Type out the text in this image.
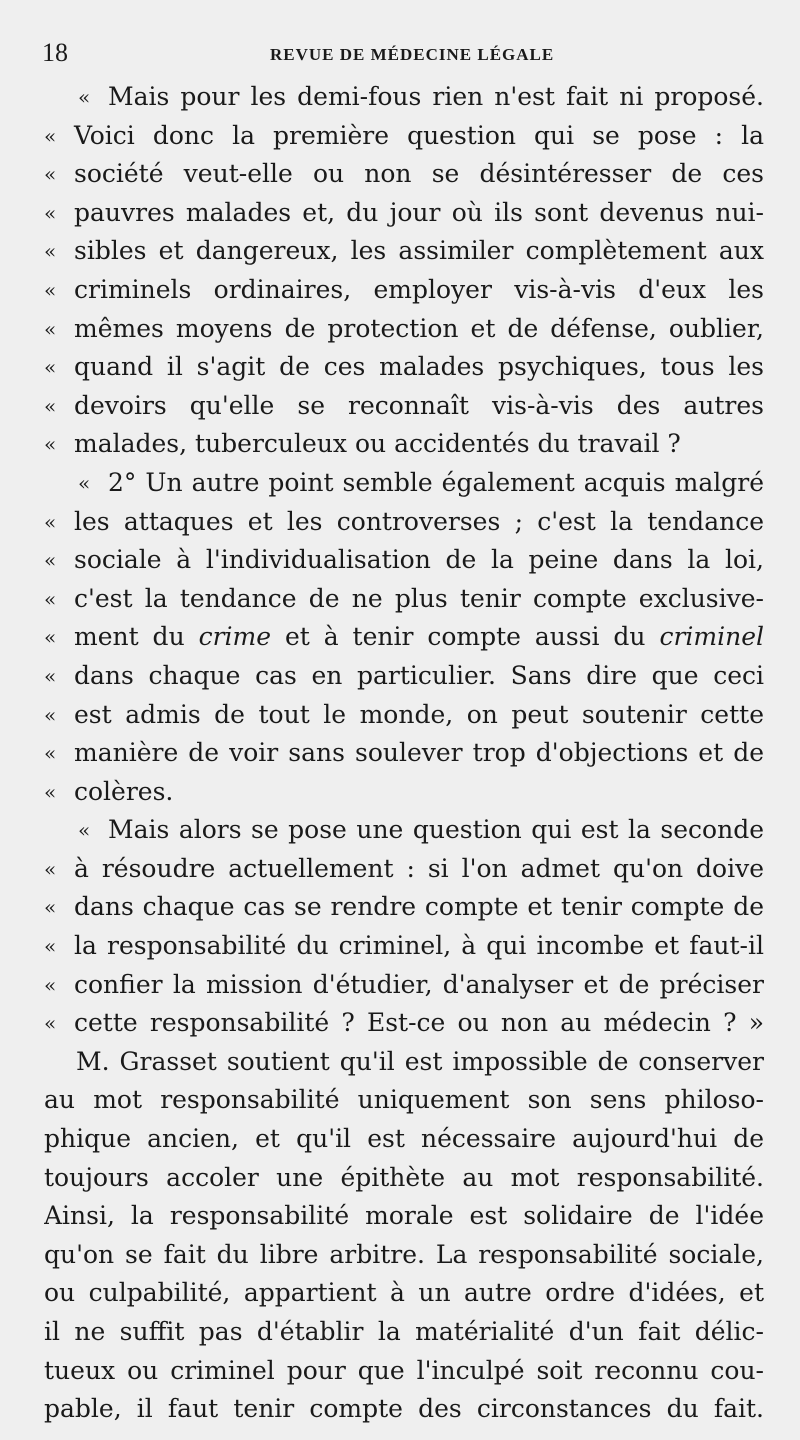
18	REVUE DE MÉDECINE LÉGALE
« Mais pour les demi-fous rien n'est fait ni proposé.
« Voici donc la première question qui se pose : la
« société veut-elle ou non se désintéresser de ces
« pauvres malades et, du jour où ils sont devenus nui-
« sibles et dangereux, les assimiler complètement aux
« criminels ordinaires, employer vis-à-vis d'eux les
« mêmes moyens de protection et de défense, oublier,
« quand il s'agit de ces malades psychiques, tous les
« devoirs qu'elle se reconnaît vis-à-vis des autres
« malades, tuberculeux ou accidentés du travail ?
« 2° Un autre point semble également acquis malgré
« les attaques et les controverses ; c'est la tendance
« sociale à l'individualisation de la peine dans la loi,
« c'est la tendance de ne plus tenir compte exclusive-
« ment du crime et à tenir compte aussi du criminel
« dans chaque cas en particulier. Sans dire que ceci
« est admis de tout le monde, on peut soutenir cette
« manière de voir sans soulever trop d'objections et de
« colères.
« Mais alors se pose une question qui est la seconde
« à résoudre actuellement : si l'on admet qu'on doive
« dans chaque cas se rendre compte et tenir compte de
« la responsabilité du criminel, à qui incombe et faut-il
« confier la mission d'étudier, d'analyser et de préciser
« cette responsabilité ? Est-ce ou non au médecin ? »
M. Grasset soutient qu'il est impossible de conserver
au mot responsabilité uniquement son sens philoso-
phique ancien, et qu'il est nécessaire aujourd'hui de
toujours accoler une épithète au mot responsabilité.
Ainsi, la responsabilité morale est solidaire de l'idée
qu'on se fait du libre arbitre. La responsabilité sociale,
ou culpabilité, appartient à un autre ordre d'idées, et
il ne suffit pas d'établir la matérialité d'un fait délic-
tueux ou criminel pour que l'inculpé soit reconnu cou-
pable, il faut tenir compte des circonstances du fait.
